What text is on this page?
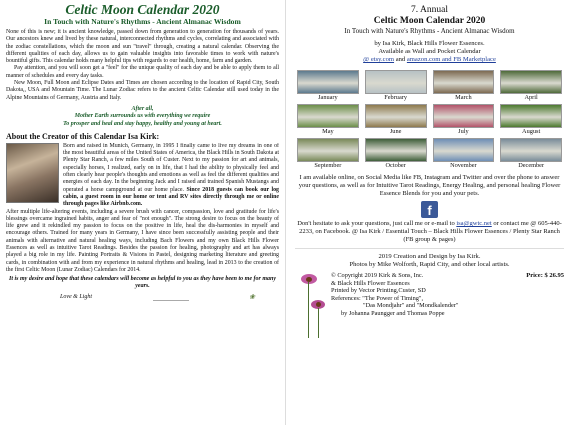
Celtic Moon Calendar 2020
In Touch with Nature's Rhythms - Ancient Almanac Wisdom

None of this is new; it is ancient knowledge, passed down from generation to generation for thousands of years. Our ancestors knew and lived by these natural, interconnected rhythms and cycles, correlating and associated with the zodiac constellations, which the moon and sun "travel" through, creating a natural calendar. Observing the different qualities of each day, allows us to gain valuable insights into favorable times to work with nature's bountiful gifts. This calendar holds many helpful tips with regards to our health, home, farm and garden.

Pay attention, and you will soon get a "feel" for the unique quality of each day and be able to apply them to all manner of schedules and every day tasks.

New Moon, Full Moon and Eclipse Dates and Times are chosen according to the location of Rapid City, South Dakota,, USA and Mountain Time. The Lunar Zodiac refers to the ancient Celtic Calendar still used today in the Alpine Mountains of Germany, Austria and Italy.

After all,
Mother Earth surrounds us with everything we require
To prosper and heal and stay happy, healthy and young at heart.
About the Creator of this Calendar Isa Kirk:

Born and raised in Munich, Germany, in 1995 I finally came to live my dreams in one of the most beautiful areas of the United States of America, the Black Hills in South Dakota at Plenty Star Ranch, a few miles South of Custer. Next to my passion for art and animals, especially horses, I realized, early on in life, that I had the ability to physically feel and often clearly hear people's thoughts and emotions as well as feel the different qualities and energies of each day. In the beginning Jack and I raised and trained Spanish Mustangs and operated a horse campground at our home place. Since 2018 guests can book our log cabin, a guest room in our home or tent and RV sites directly through me or online through pages like Airbnb.com.

After multiple life-altering events, including a severe brush with cancer, compassion, love and gratitude for life's blessings overcame ingrained habits, anger and fear of "not enough". The strong desire to focus on the beauty of life grew and it rekindled my passion to focus on the positive in life, heal the dis-harmonies in myself and encourage others. Trained for many years in Germany, I have since been successfully assisting people and their animals with alternative and natural healing ways, including Bach Flowers and my own Black Hills Flower Essences as well as intuitive Tarot Readings. Besides the passion for healing, photography and art has always played a big role in my life. Painting Portraits & Visions in Pastel, designing marketing literature and greeting cards, in combination with and from my experience in natural rhythms and healing, lead in 2013 to the creation of the first Celtic Moon (Lunar Zodiac) Calendars for 2014.

It is my desire and hope that these calendars will become as helpful to you as they have been to me for many years.
Love & Light	❀
7. Annual
Celtic Moon Calendar 2020
In Touch with Nature's Rhythms - Ancient Almanac Wisdom
by Isa Kirk, Black Hills Flower Essences.
Available as Wall and Pocket Calendar
@ etsy.com and amazon.com and FB Marketplace
January	February	March	April
May	June	July	August
September	October	November	December

I am available online, on Social Media like FB, Instagram and Twitter and over the phone to answer your questions, as well as for Intuitive Tarot Readings, Energy Healing, and personal healing Flower Essence Blends for you and your pets.

f

Don't hesitate to ask your questions, just call me or e-mail to isa@gwtc.net or contact me @ 605-440-2233, on Facebook. @ Isa Kirk / Essential Touch – Black Hills Flower Essences / Plenty Star Ranch (FB group & pages)

2019 Creation and Design by Isa Kirk.
Photos by Mike Wolforth, Rapid City, and other local artists.
© Copyright 2019 Kirk & Sons, Inc.
& Black Hills Flower Essences
Printed by Vector Printing,Custer, SD
References: "The Power of Timing",
"Das Mondjahr" and "Mondkalender"
by Johanna Paungger and Thomas Poppe
Price: $ 26.95
